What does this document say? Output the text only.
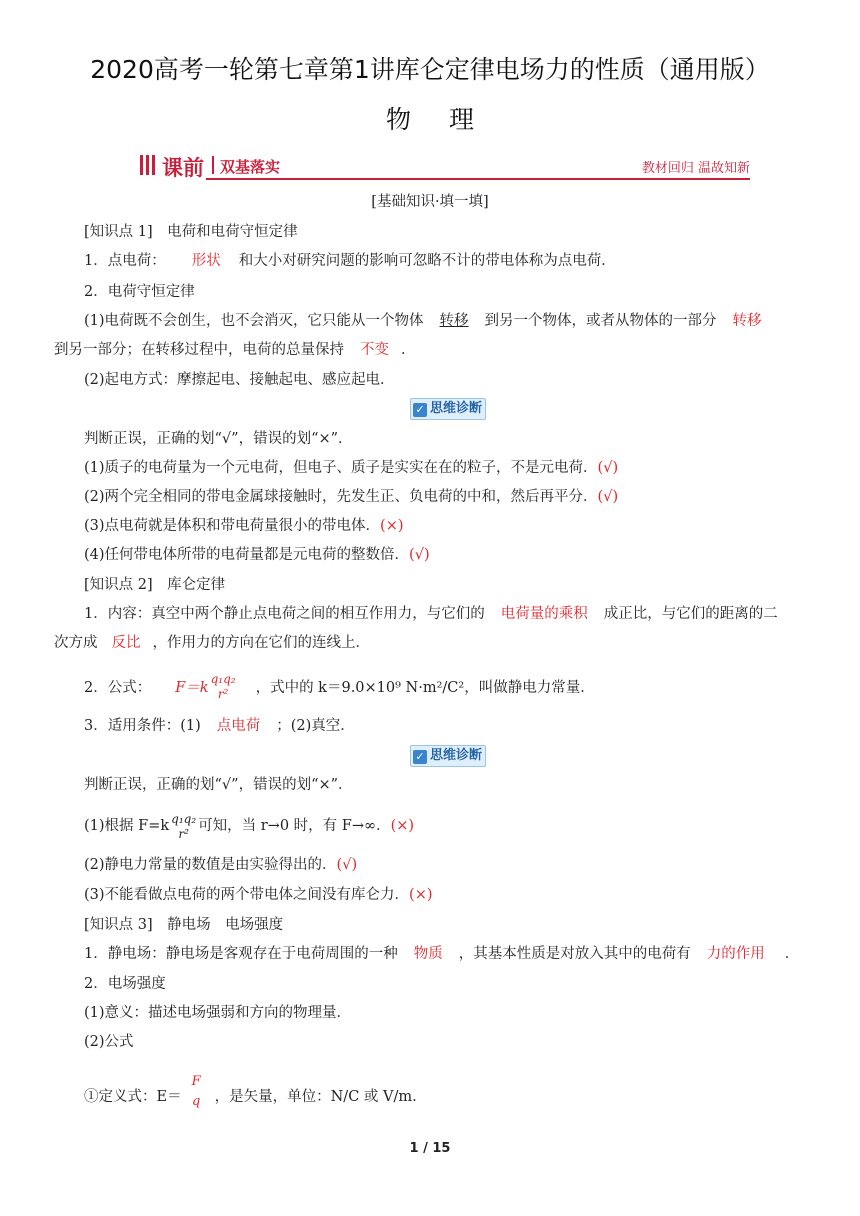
2020高考一轮第七章第1讲库仑定律电场力的性质（通用版）
物理
课前 双基落实	教材回归 温故知新
[基础知识·填一填]
[知识点 1]　电荷和电荷守恒定律
1．点电荷： 形状 和大小对研究问题的影响可忽略不计的带电体称为点电荷．
2．电荷守恒定律
(1)电荷既不会创生，也不会消灭，它只能从一个物体 转移 到另一个物体，或者从物体的一部分 转移
到另一部分；在转移过程中，电荷的总量保持 不变 ．
(2)起电方式：摩擦起电、接触起电、感应起电．
✓ 思维诊断
判断正误，正确的划“√”，错误的划“×”．
(1)质子的电荷量为一个元电荷，但电子、质子是实实在在的粒子，不是元电荷．(√)
(2)两个完全相同的带电金属球接触时，先发生正、负电荷的中和，然后再平分．(√)
(3)点电荷就是体积和带电荷量很小的带电体．(×)
(4)任何带电体所带的电荷量都是元电荷的整数倍．(√)
[知识点 2]　库仑定律
1．内容：真空中两个静止点电荷之间的相互作用力，与它们的 电荷量的乘积 成正比，与它们的距离的二
次方成 反比 ，作用力的方向在它们的连线上．
2．公式： F＝k
q₁q₂
r²	，式中的 k＝9.0×10⁹ N·m²/C²，叫做静电力常量．
3．适用条件：(1) 点电荷 ；(2)真空．
✓ 思维诊断
判断正误，正确的划“√”，错误的划“×”．
(1)根据 F=k q₁q₂
r² 可知，当 r→0 时，有 F→∞．(×)
(2)静电力常量的数值是由实验得出的．(√)
(3)不能看做点电荷的两个带电体之间没有库仑力．(×)
[知识点 3]　静电场　电场强度
1．静电场：静电场是客观存在于电荷周围的一种 物质 ，其基本性质是对放入其中的电荷有 力的作用 ．
2．电场强度
(1)意义：描述电场强弱和方向的物理量．
(2)公式
①定义式：E＝
F
q ，是矢量，单位：N/C 或 V/m.
1 / 15
